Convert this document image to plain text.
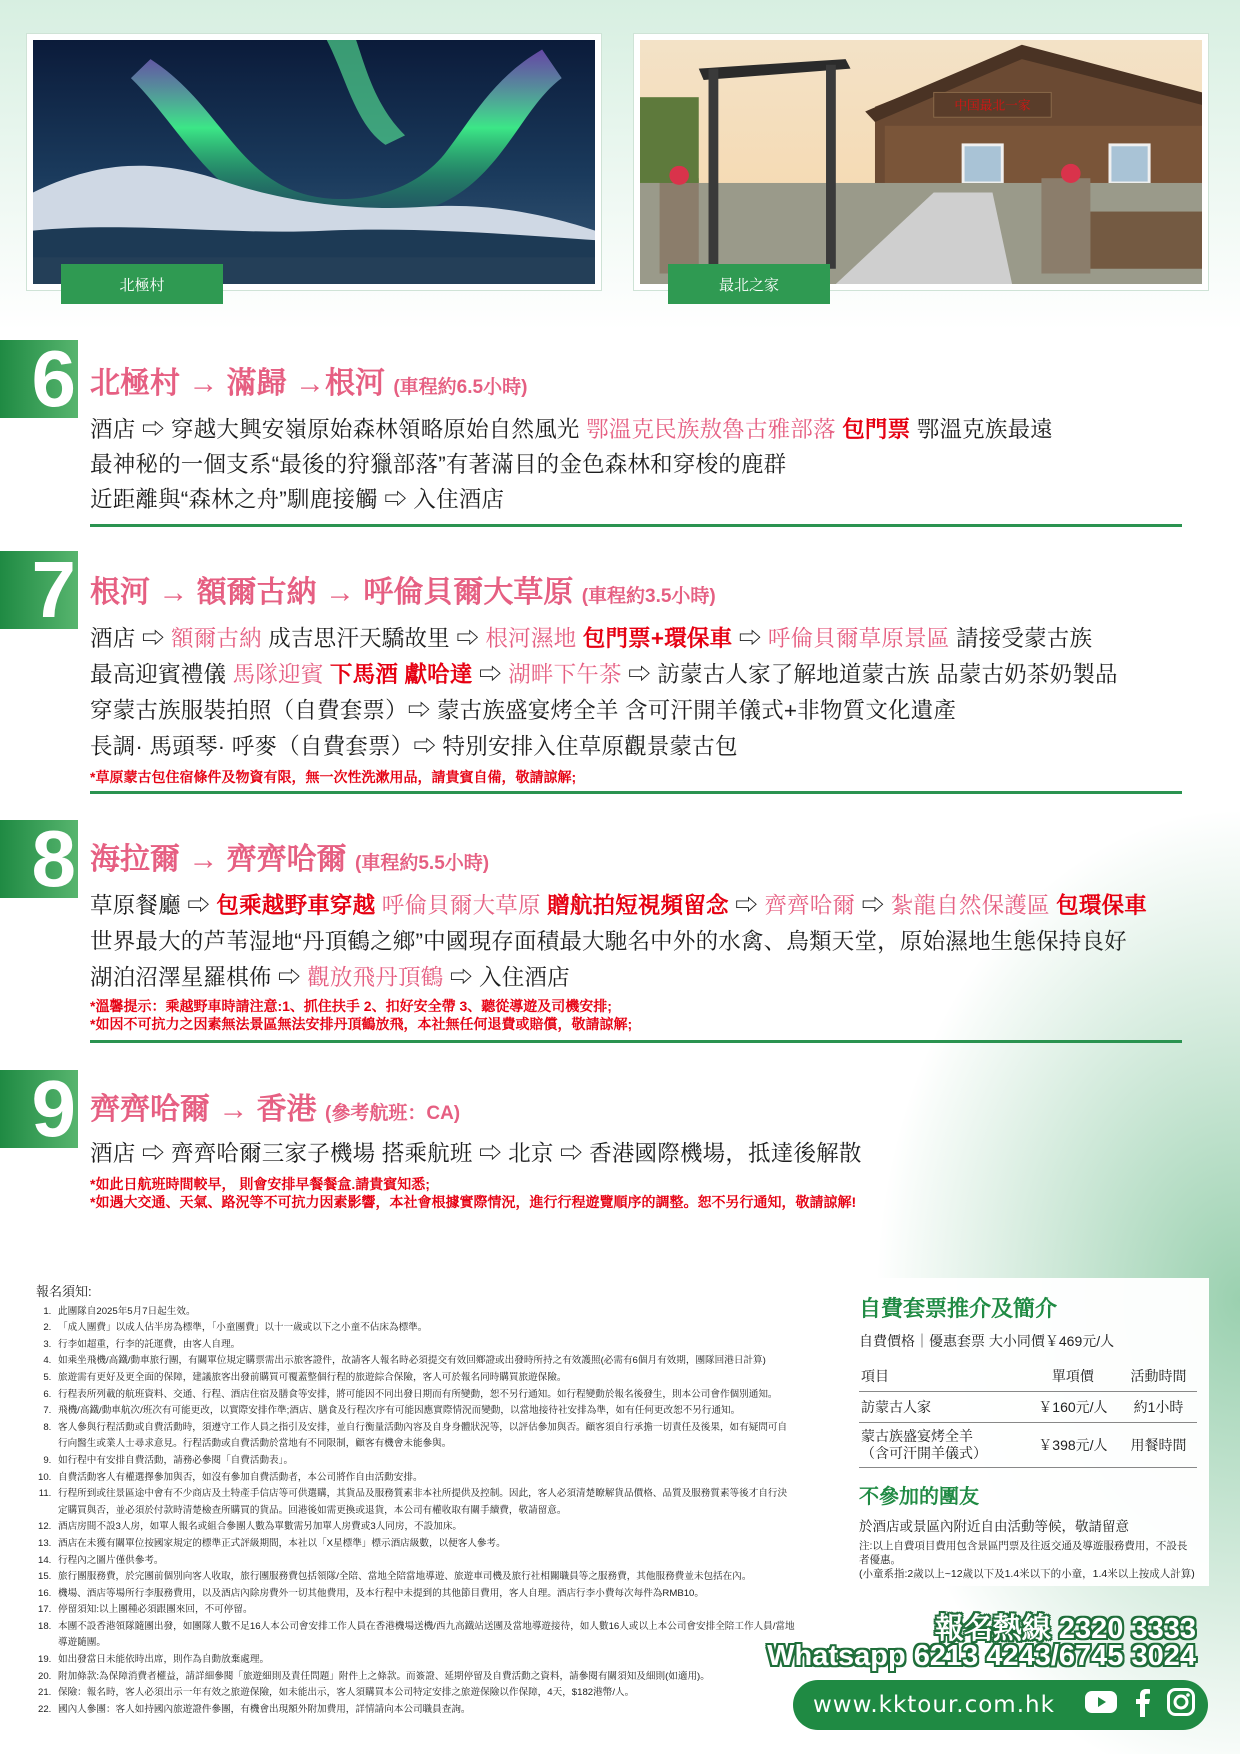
北極村
中国最北一家
最北之家
6 北極村 → 滿歸 →根河 (車程約6.5小時)
酒店 ⇨ 穿越大興安嶺原始森林領略原始自然風光 鄂溫克民族敖魯古雅部落 包門票 鄂溫克族最遠
最神秘的一個支系“最後的狩獵部落”有著滿目的金色森林和穿梭的鹿群
近距離與“森林之舟”馴鹿接觸 ⇨ 入住酒店
7 根河 → 額爾古納 → 呼倫貝爾大草原 (車程約3.5小時)
酒店 ⇨ 額爾古納 成吉思汗天驕故里 ⇨ 根河濕地 包門票+環保車 ⇨ 呼倫貝爾草原景區 請接受蒙古族
最高迎賓禮儀 馬隊迎賓 下馬酒 獻哈達 ⇨ 湖畔下午茶 ⇨ 訪蒙古人家了解地道蒙古族 品蒙古奶茶奶製品
穿蒙古族服裝拍照（自費套票）⇨ 蒙古族盛宴烤全羊 含可汗開羊儀式+非物質文化遺產
長調· 馬頭琴· 呼麥（自費套票）⇨ 特別安排入住草原觀景蒙古包
*草原蒙古包住宿條件及物資有限，無一次性洗漱用品，請貴賓自備，敬請諒解;
8 海拉爾 → 齊齊哈爾 (車程約5.5小時)
草原餐廳 ⇨ 包乘越野車穿越 呼倫貝爾大草原 贈航拍短視頻留念 ⇨ 齊齊哈爾 ⇨ 紮龍自然保護區 包環保車
世界最大的芦苇湿地“丹頂鶴之鄉”中國現存面積最大馳名中外的水禽、鳥類天堂，原始濕地生態保持良好
湖泊沼澤星羅棋佈 ⇨ 觀放飛丹頂鶴 ⇨ 入住酒店
*溫馨提示：乘越野車時請注意:1、抓住扶手 2、扣好安全帶 3、聽從導遊及司機安排;
*如因不可抗力之因素無法景區無法安排丹頂鶴放飛，本社無任何退費或賠償，敬請諒解;
9 齊齊哈爾 → 香港 (參考航班：CA)
酒店 ⇨ 齊齊哈爾三家子機場 搭乘航班 ⇨ 北京 ⇨ 香港國際機場，抵達後解散
*如此日航班時間較早， 則會安排早餐餐盒.請貴賓知悉;
*如遇大交通、天氣、路況等不可抗力因素影響，本社會根據實際情況，進行行程遊覽順序的調整。恕不另行通知，敬請諒解!
報名須知:
1. 此團隊自2025年5月7日起生效。
2. 「成人團費」以成人佔半房為標準，「小童團費」以十一歲或以下之小童不佔床為標準。
3. 行李如超重，行李的託運費，由客人自理。
4. 如乘坐飛機/高鐵/動車旅行團，有關單位規定購票需出示旅客證件，故請客人報名時必須提交有效回鄉證或出發時所持之有效護照(必需有6個月有效期，團隊回港日計算)
5. 旅遊需有更好及更全面的保障，建議旅客出發前購買可覆蓋整個行程的旅遊綜合保險，客人可於報名同時購買旅遊保險。
6. 行程表所列載的航班資料、交通、行程、酒店住宿及膳食等安排，將可能因不同出發日期而有所變動，恕不另行通知。如行程變動於報名後發生，則本公司會作個別通知。
7. 飛機/高鐵/動車航次/班次有可能更改，以實際安排作準;酒店、膳食及行程次序有可能因應實際情況而變動，以當地接待社安排為準，如有任何更改恕不另行通知。
8. 客人參與行程活動或自費活動時，須遵守工作人員之指引及安排，並自行衡量活動內容及自身身體狀況等，以評估參加與否。顧客須自行承擔一切責任及後果，如有疑問可自行向醫生或業人士尋求意見。行程活動或自費活動於當地有不同限制，顧客有機會未能參與。
9. 如行程中有安排自費活動，請務必參閱「自費活動表」。
10. 自費活動客人有權選擇參加與否，如沒有參加自費活動者，本公司將作自由活動安排。
11. 行程所到或往景區途中會有不少商店及土特產手信店等可供選購，其貨品及服務質素非本社所提供及控制。因此，客人必須清楚瞭解貨品價格、品質及服務質素等後才自行決定購買與否，並必須於付款時清楚檢查所購買的貨品。回港後如需更換或退貨，本公司有權收取有關手續費，敬請留意。
12. 酒店房間不設3人房，如單人報名或組合參團人數為單數需另加單人房費或3人同房，不設加床。
13. 酒店在未獲有關單位按國家規定的標準正式評級期間，本社以「X星標準」標示酒店級數，以便客人參考。
14. 行程內之圖片僅供參考。
15. 旅行團服務費，於完團前個別向客人收取，旅行團服務費包括領隊/全陪、當地全陪當地導遊、旅遊車司機及旅行社相關職員等之服務費，其他服務費並未包括在內。
16. 機場、酒店等場所行李服務費用，以及酒店內除房費外一切其他費用，及本行程中未提到的其他節目費用，客人自理。酒店行李小費每次每件為RMB10。
17. 停留須知:以上團種必須跟團來回，不可停留。
18. 本團不設香港領隊隨團出發，如團隊人數不足16人本公司會安排工作人員在香港機場送機/西九高鐵站送團及當地導遊接待，如人數16人或以上本公司會安排全陪工作人員/當地導遊隨團。
19. 如出發當日未能依時出席，則作為自動放棄處理。
20. 附加條款:為保障消費者權益，請詳細參閱「旅遊細則及責任問題」附件上之條款。而簽證、延期停留及自費活動之資料，請參閱有關須知及細則(如適用)。
21. 保險：報名時，客人必須出示一年有效之旅遊保險，如未能出示，客人須購買本公司特定安排之旅遊保險以作保障，4天，$182港幣/人。
22. 國內人參團：客人如持國內旅遊證件參團，有機會出現額外附加費用，詳情請向本公司職員查詢。
自費套票推介及簡介
自費價格｜優惠套票 大小同價￥469元/人
項目	單項價	活動時間
訪蒙古人家	￥160元/人	約1小時
蒙古族盛宴烤全羊
（含可汗開羊儀式）	￥398元/人	用餐時間
不參加的團友
於酒店或景區內附近自由活動等候，敬請留意
注:以上自費項目費用包含景區門票及往返交通及導遊服務費用，不設長者優惠。
(小童系指:2歲以上~12歲以下及1.4米以下的小童，1.4米以上按成人計算)
報名熱線 2320 3333
Whatsapp 6213 4243/6745 3024
www.kktour.com.hk
